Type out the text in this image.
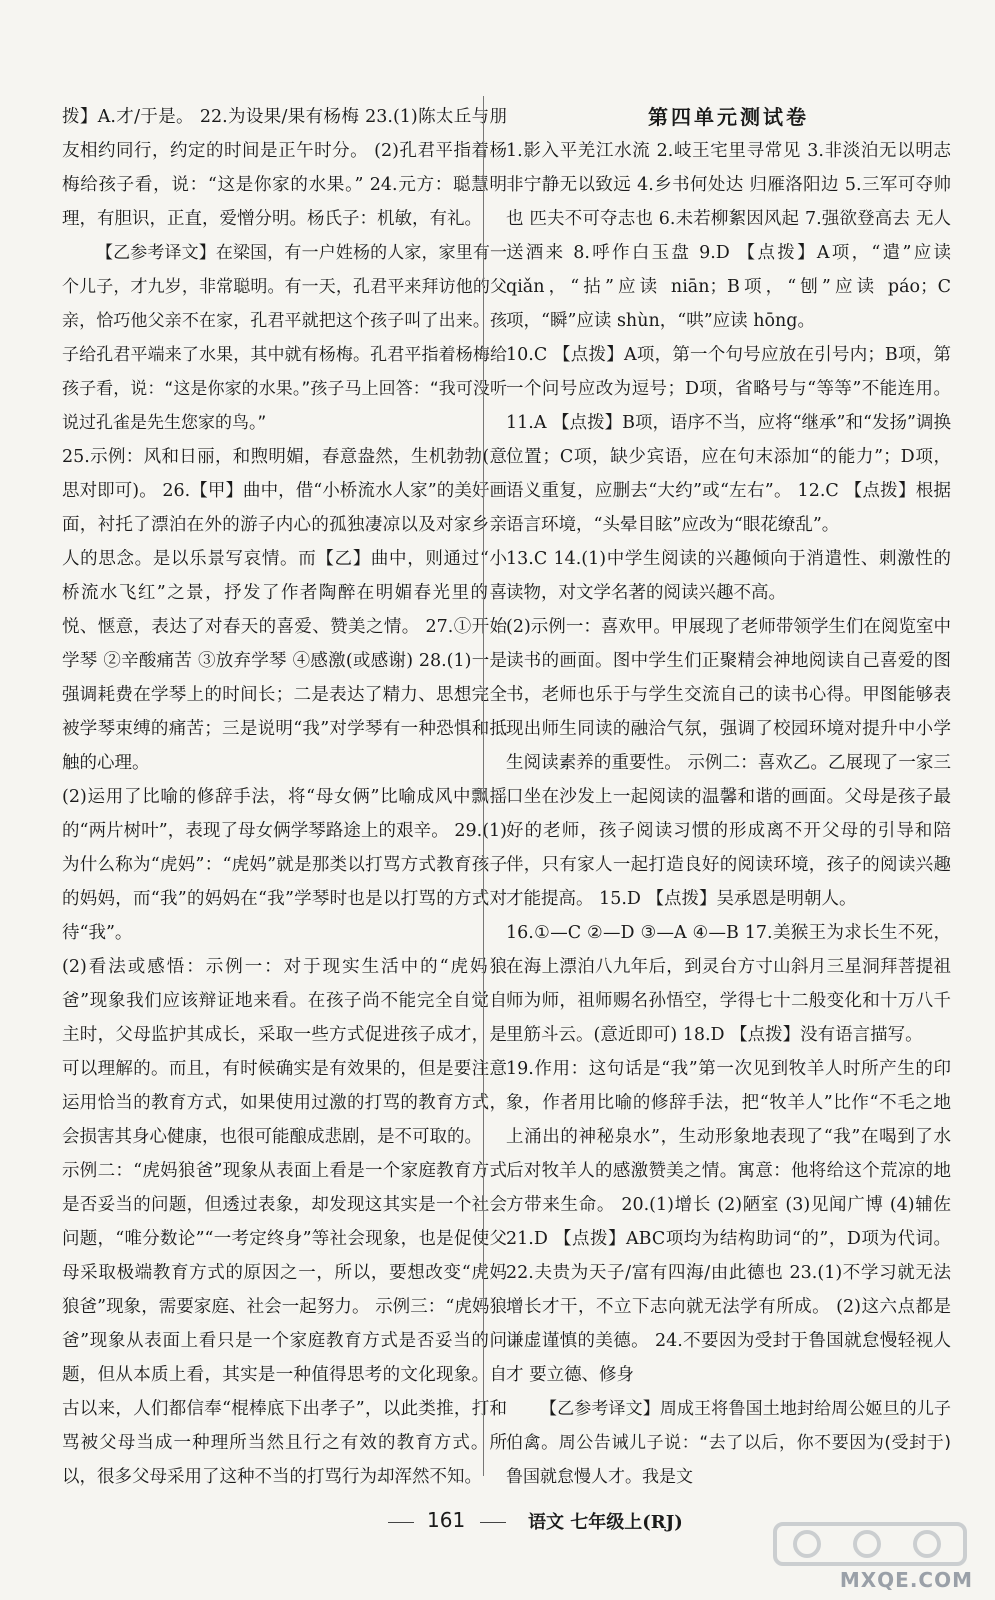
拨】A.才/于是。 22.为设果/果有杨梅 23.(1)陈太丘与朋友相约同行，约定的时间是正午时分。 (2)孔君平指着杨梅给孩子看，说：“这是你家的水果。” 24.元方：聪慧明理，有胆识，正直，爱憎分明。杨氏子：机敏，有礼。

【乙参考译文】在梁国，有一户姓杨的人家，家里有一个儿子，才九岁，非常聪明。有一天，孔君平来拜访他的父亲，恰巧他父亲不在家，孔君平就把这个孩子叫了出来。孩子给孔君平端来了水果，其中就有杨梅。孔君平指着杨梅给孩子看，说：“这是你家的水果。”孩子马上回答：“我可没听说过孔雀是先生您家的鸟。”

25.示例：风和日丽，和煦明媚，春意盎然，生机勃勃(意思对即可)。 26.【甲】曲中，借“小桥流水人家”的美好画面，衬托了漂泊在外的游子内心的孤独凄凉以及对家乡亲人的思念。是以乐景写哀情。而【乙】曲中，则通过“小桥流水飞红”之景，抒发了作者陶醉在明媚春光里的喜悦、惬意，表达了对春天的喜爱、赞美之情。 27.①开始学琴 ②辛酸痛苦 ③放弃学琴 ④感激(或感谢) 28.(1)一是强调耗费在学琴上的时间长；二是表达了精力、思想完全被学琴束缚的痛苦；三是说明“我”对学琴有一种恐惧和抵触的心理。

(2)运用了比喻的修辞手法，将“母女俩”比喻成风中飘摇的“两片树叶”，表现了母女俩学琴路途上的艰辛。 29.(1)为什么称为“虎妈”：“虎妈”就是那类以打骂方式教育孩子的妈妈，而“我”的妈妈在“我”学琴时也是以打骂的方式对待“我”。

(2)看法或感悟：示例一：对于现实生活中的“虎妈狼爸”现象我们应该辩证地来看。在孩子尚不能完全自觉自主时，父母监护其成长，采取一些方式促进孩子成才，是可以理解的。而且，有时候确实是有效果的，但是要注意运用恰当的教育方式，如果使用过激的打骂的教育方式，会损害其身心健康，也很可能酿成悲剧，是不可取的。

示例二：“虎妈狼爸”现象从表面上看是一个家庭教育方式是否妥当的问题，但透过表象，却发现这其实是一个社会问题，“唯分数论”“一考定终身”等社会现象，也是促使父母采取极端教育方式的原因之一，所以，要想改变“虎妈狼爸”现象，需要家庭、社会一起努力。 示例三：“虎妈狼爸”现象从表面上看只是一个家庭教育方式是否妥当的问题，但从本质上看，其实是一种值得思考的文化现象。自古以来，人们都信奉“棍棒底下出孝子”，以此类推，打和骂被父母当成一种理所当然且行之有效的教育方式。所以，很多父母采用了这种不当的打骂行为却浑然不知。

第四单元测试卷

1.影入平羌江水流 2.岐王宅里寻常见 3.非淡泊无以明志 非宁静无以致远 4.乡书何处达 归雁洛阳边 5.三军可夺帅也 匹夫不可夺志也 6.未若柳絮因风起 7.强欲登高去 无人送酒来 8.呼作白玉盘 9.D 【点拨】A项，“遣”应读 qiǎn，“拈”应读 niān；B项，“刨”应读 páo；C项，“瞬”应读 shùn，“哄”应读 hōng。

10.C 【点拨】A项，第一个句号应放在引号内；B项，第一个问号应改为逗号；D项，省略号与“等等”不能连用。 11.A 【点拨】B项，语序不当，应将“继承”和“发扬”调换位置；C项，缺少宾语，应在句末添加“的能力”；D项，语义重复，应删去“大约”或“左右”。 12.C 【点拨】根据语言环境，“头晕目眩”应改为“眼花缭乱”。

13.C 14.(1)中学生阅读的兴趣倾向于消遣性、刺激性的读物，对文学名著的阅读兴趣不高。

(2)示例一：喜欢甲。甲展现了老师带领学生们在阅览室中读书的画面。图中学生们正聚精会神地阅读自己喜爱的图书，老师也乐于与学生交流自己的读书心得。甲图能够表现出师生同读的融洽气氛，强调了校园环境对提升中小学生阅读素养的重要性。 示例二：喜欢乙。乙展现了一家三口坐在沙发上一起阅读的温馨和谐的画面。父母是孩子最好的老师，孩子阅读习惯的形成离不开父母的引导和陪伴，只有家人一起打造良好的阅读环境，孩子的阅读兴趣才能提高。 15.D 【点拨】吴承恩是明朝人。

16.①—C ②—D ③—A ④—B 17.美猴王为求长生不死，在海上漂泊八九年后，到灵台方寸山斜月三星洞拜菩提祖师为师，祖师赐名孙悟空，学得七十二般变化和十万八千里筋斗云。(意近即可) 18.D 【点拨】没有语言描写。

19.作用：这句话是“我”第一次见到牧羊人时所产生的印象，作者用比喻的修辞手法，把“牧羊人”比作“不毛之地上涌出的神秘泉水”，生动形象地表现了“我”在喝到了水后对牧羊人的感激赞美之情。寓意：他将给这个荒凉的地方带来生命。 20.(1)增长 (2)陋室 (3)见闻广博 (4)辅佐 21.D 【点拨】ABC项均为结构助词“的”，D项为代词。 22.夫贵为天子/富有四海/由此德也 23.(1)不学习就无法增长才干，不立下志向就无法学有所成。 (2)这六点都是谦虚谨慎的美德。 24.不要因为受封于鲁国就怠慢轻视人才 要立德、修身

【乙参考译文】周成王将鲁国土地封给周公姬旦的儿子伯禽。周公告诫儿子说：“去了以后，你不要因为(受封于)鲁国就怠慢人才。我是文

161	语文 七年级上(RJ)
MXQE.COM
